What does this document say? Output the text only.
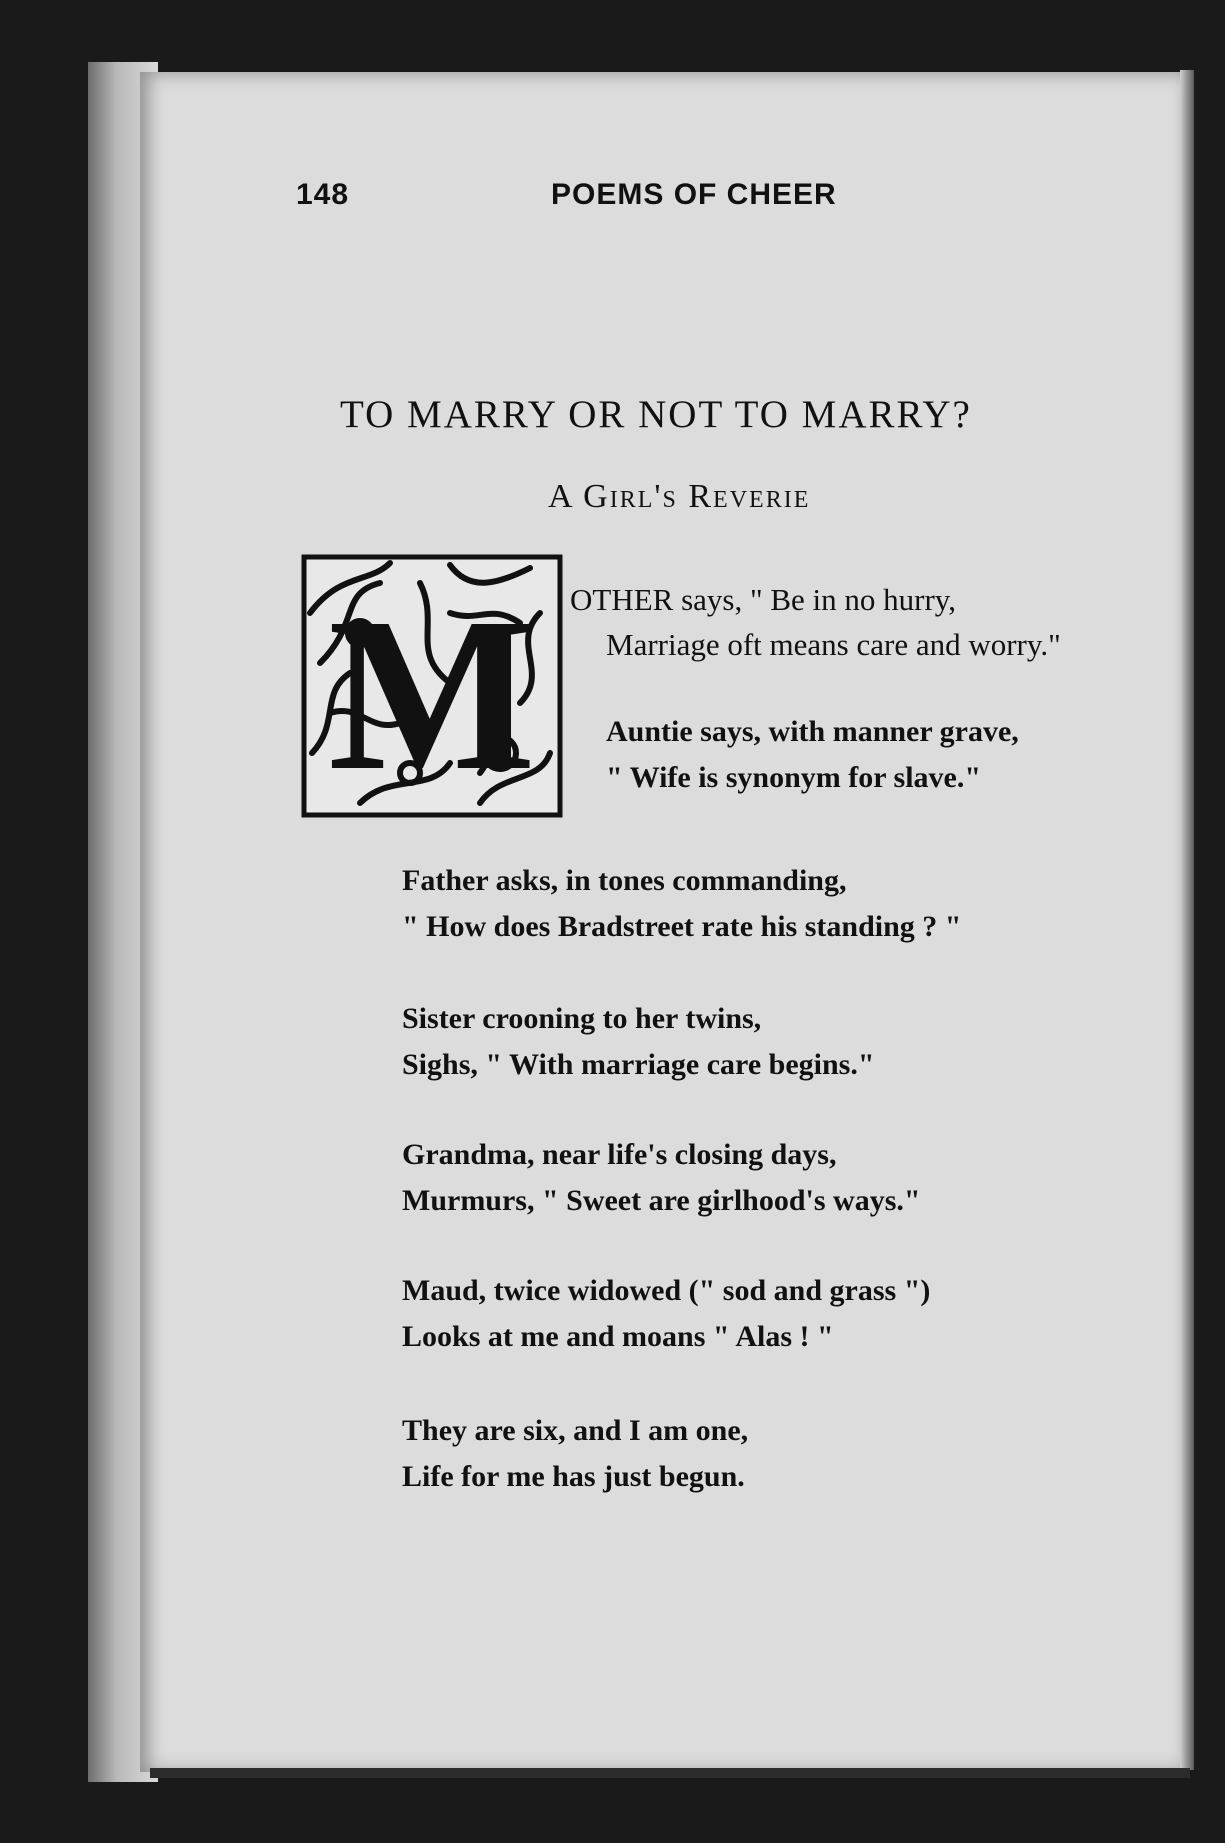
148	POEMS OF CHEER
TO MARRY OR NOT TO MARRY?
A Girl's Reverie
M OTHER says, " Be in no hurry,
Marriage oft means care and worry."
Auntie says, with manner grave,
" Wife is synonym for slave."
Father asks, in tones commanding,
" How does Bradstreet rate his standing ? "
Sister crooning to her twins,
Sighs, " With marriage care begins."
Grandma, near life's closing days,
Murmurs, " Sweet are girlhood's ways."
Maud, twice widowed (" sod and grass ")
Looks at me and moans " Alas ! "
They are six, and I am one,
Life for me has just begun.
